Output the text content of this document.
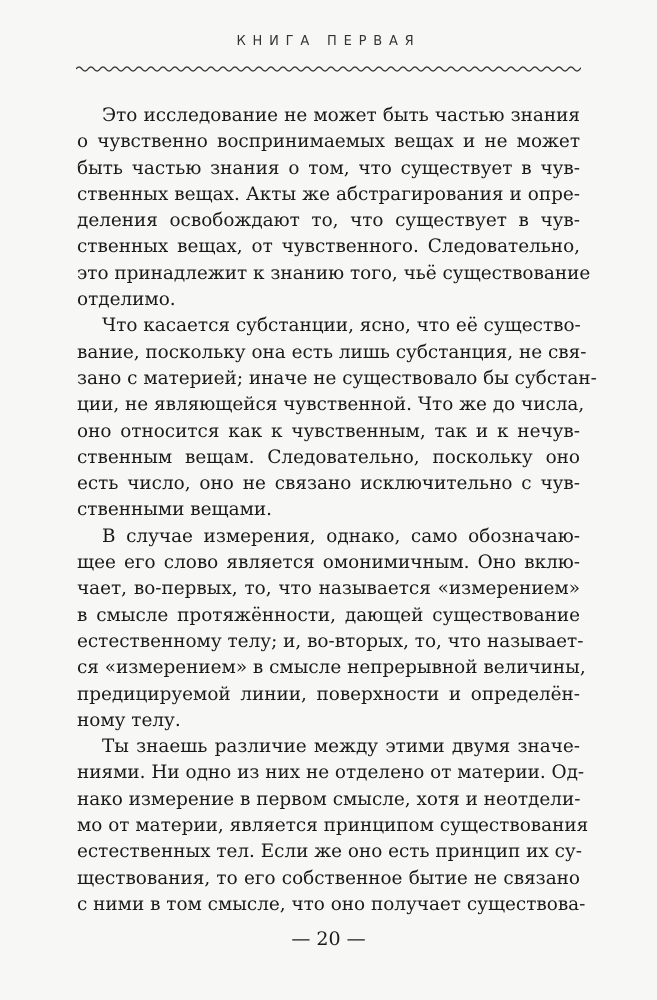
КНИГА ПЕРВАЯ
Это исследование не может быть частью знания
о чувственно воспринимаемых вещах и не может
быть частью знания о том, что существует в чув-
ственных вещах. Акты же абстрагирования и опре-
деления освобождают то, что существует в чув-
ственных вещах, от чувственного. Следовательно,
это принадлежит к знанию того, чьё существование
отделимо.
Что касается субстанции, ясно, что её существо-
вание, поскольку она есть лишь субстанция, не свя-
зано с материей; иначе не существовало бы субстан-
ции, не являющейся чувственной. Что же до числа,
оно относится как к чувственным, так и к нечув-
ственным вещам. Следовательно, поскольку оно
есть число, оно не связано исключительно с чув-
ственными вещами.
В случае измерения, однако, само обозначаю-
щее его слово является омонимичным. Оно вклю-
чает, во-первых, то, что называется «измерением»
в смысле протяжённости, дающей существование
естественному телу; и, во-вторых, то, что называет-
ся «измерением» в смысле непрерывной величины,
предицируемой линии, поверхности и определён-
ному телу.
Ты знаешь различие между этими двумя значе-
ниями. Ни одно из них не отделено от материи. Од-
нако измерение в первом смысле, хотя и неотдели-
мо от материи, является принципом существования
естественных тел. Если же оно есть принцип их су-
ществования, то его собственное бытие не связано
с ними в том смысле, что оно получает существова-
— 20 —
